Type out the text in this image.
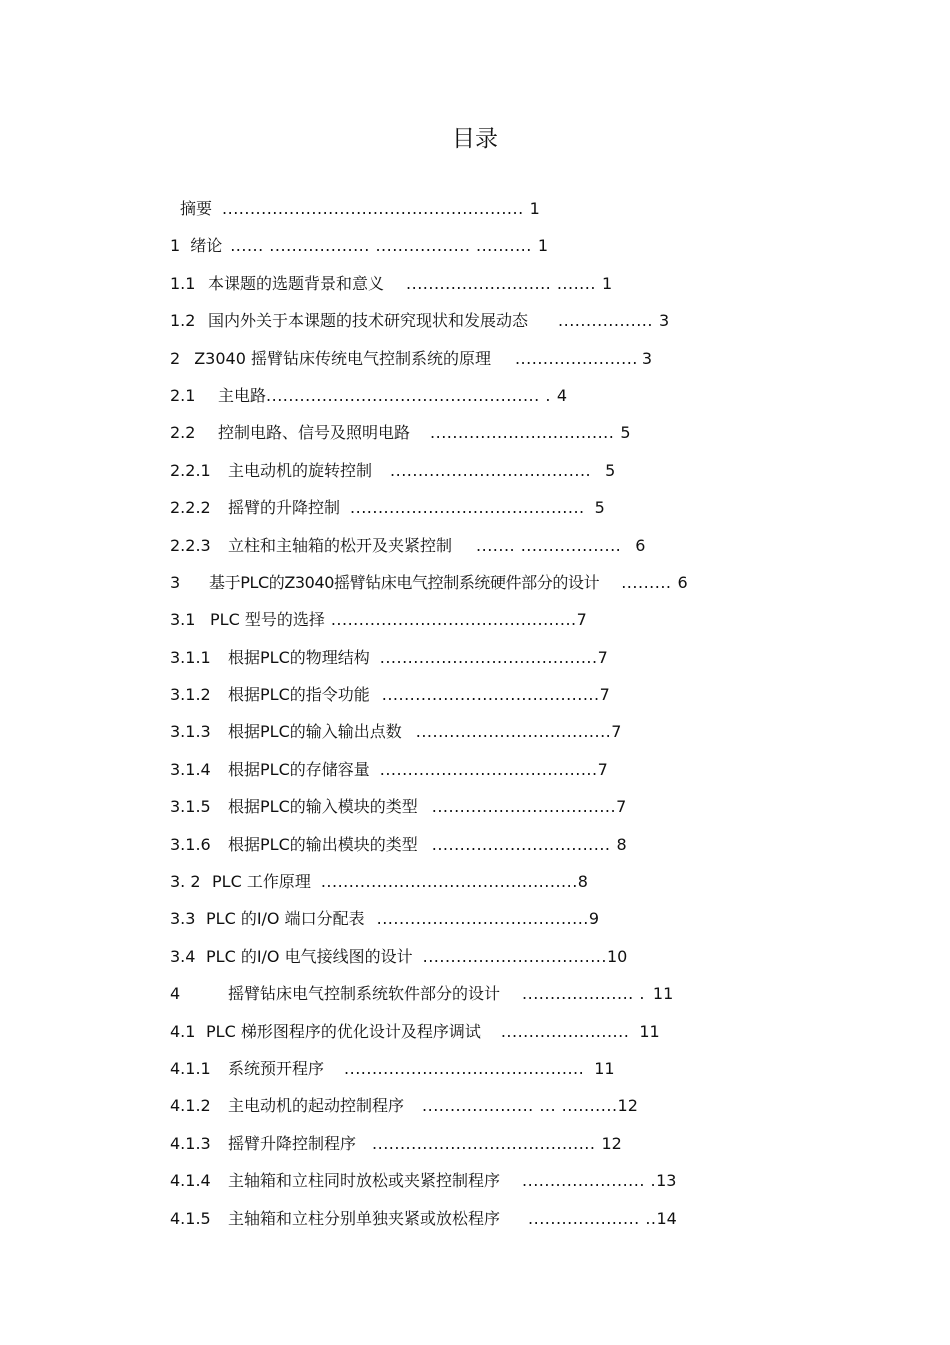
目录
摘要 ...................................................... 1
1 绪论 ...... .................. ................. .......... 1
1.1 本课题的选题背景和意义 .......................... ....... 1
1.2 国内外关于本课题的技术研究现状和发展动态 ................. 3
2 Z3040 摇臂钻床传统电气控制系统的原理 ...................... 3
2.1	主电路 ................................................. . 4
2.2	控制电路、信号及照明电路 ................................. 5
2.2.1	主电动机的旋转控制 .................................... 5
2.2.2	摇臂的升降控制 .......................................... 5
2.2.3	立柱和主轴箱的松开及夹紧控制 ....... .................. 6
3	基于PLC的Z3040摇臂钻床电气控制系统硬件部分的设计 ......... 6
3.1 PLC 型号的选择 ............................................ 7
3.1.1	根据PLC的物理结构 ....................................... 7
3.1.2	根据PLC的指令功能 ....................................... 7
3.1.3	根据PLC的输入输出点数 ................................... 7
3.1.4	根据PLC的存储容量 ....................................... 7
3.1.5	根据PLC的输入模块的类型 ................................. 7
3.1.6	根据PLC的输出模块的类型 ................................ 8
3. 2 PLC 工作原理 .............................................. 8
3.3 PLC 的I/O 端口分配表 ...................................... 9
3.4 PLC 的I/O 电气接线图的设计 ................................. 10
4	摇臂钻床电气控制系统软件部分的设计 .................... . 11
4.1 PLC 梯形图程序的优化设计及程序调试 ....................... 11
4.1.1	系统预开程序 ........................................... 11
4.1.2	主电动机的起动控制程序 .................... ... .......... 12
4.1.3	摇臂升降控制程序 ........................................ 12
4.1.4	主轴箱和立柱同时放松或夹紧控制程序 ...................... . 13
4.1.5	主轴箱和立柱分别单独夹紧或放松程序 .................... .. 14
